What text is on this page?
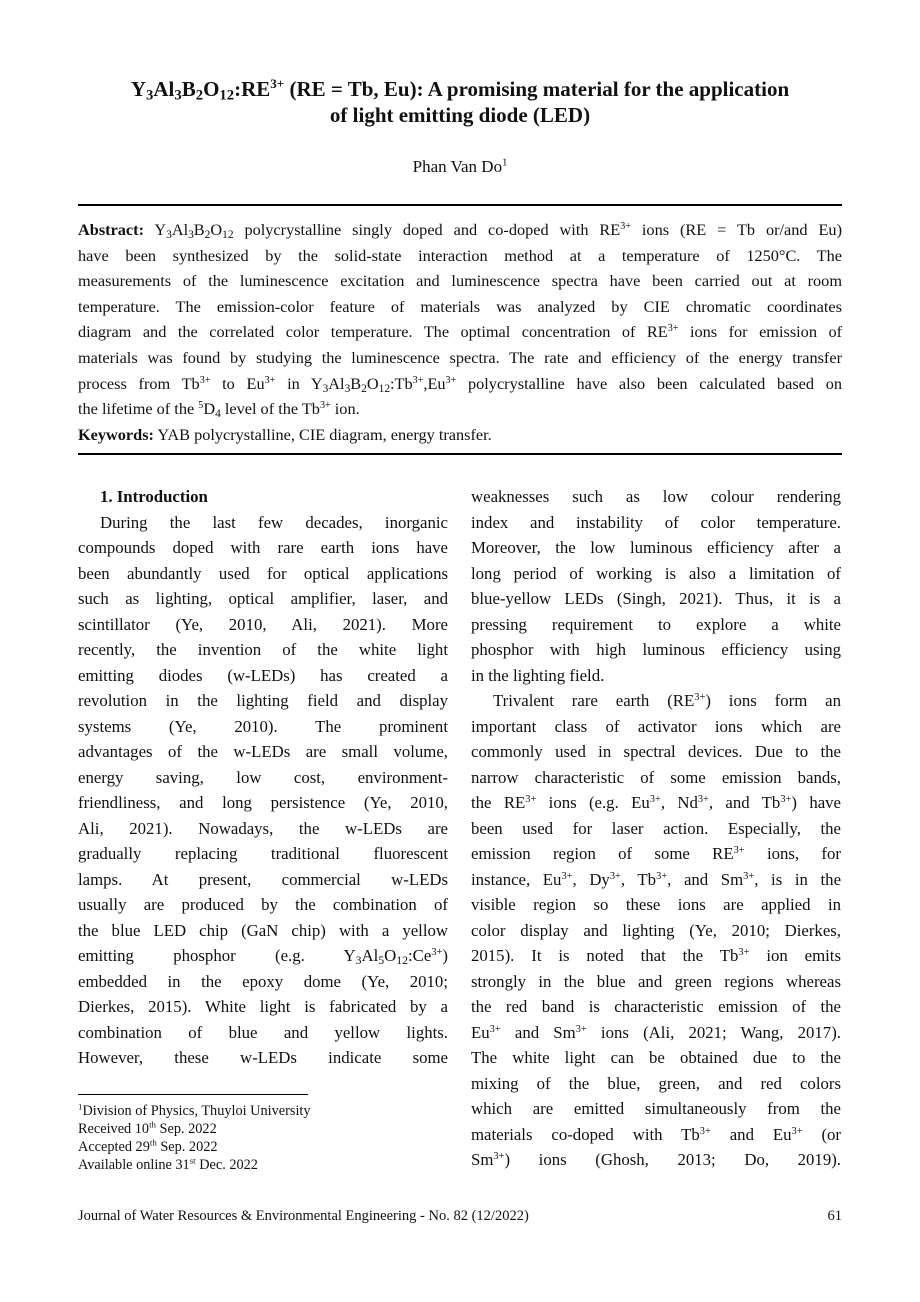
$Y_3Al_3B_2O_{12}:RE^{3+}$ (RE = Tb, Eu): A promising material for the application
of light emitting diode (LED)
Phan Van Do$^1$
Abstract: $Y_3Al_3B_2O_{12}$ polycrystalline singly doped and co-doped with $RE^{3+}$ ions (RE = Tb or/and Eu)
have been synthesized by the solid-state interaction method at a temperature of 1250°C. The
measurements of the luminescence excitation and luminescence spectra have been carried out at room
temperature. The emission-color feature of materials was analyzed by CIE chromatic coordinates
diagram and the correlated color temperature. The optimal concentration of $RE^{3+}$ ions for emission of
materials was found by studying the luminescence spectra. The rate and efficiency of the energy transfer
process from $Tb^{3+}$ to $Eu^{3+}$ in $Y_3Al_3B_2O_{12}:Tb^{3+},Eu^{3+}$ polycrystalline have also been calculated based on
the lifetime of the $^5D_4$ level of the $Tb^{3+}$ ion.
Keywords: YAB polycrystalline, CIE diagram, energy transfer.
1. Introduction
During the last few decades, inorganic
compounds doped with rare earth ions have
been abundantly used for optical applications
such as lighting, optical amplifier, laser, and
scintillator (Ye, 2010, Ali, 2021). More
recently, the invention of the white light
emitting diodes (w-LEDs) has created a
revolution in the lighting field and display
systems (Ye, 2010). The prominent
advantages of the w-LEDs are small volume,
energy saving, low cost, environment-
friendliness, and long persistence (Ye, 2010,
Ali, 2021). Nowadays, the w-LEDs are
gradually replacing traditional fluorescent
lamps. At present, commercial w-LEDs
usually are produced by the combination of
the blue LED chip (GaN chip) with a yellow
emitting phosphor (e.g. $Y_3Al_5O_{12}:Ce^{3+}$)
embedded in the epoxy dome (Ye, 2010;
Dierkes, 2015). White light is fabricated by a
combination of blue and yellow lights.
However, these w-LEDs indicate some
weaknesses such as low colour rendering
index and instability of color temperature.
Moreover, the low luminous efficiency after a
long period of working is also a limitation of
blue-yellow LEDs (Singh, 2021). Thus, it is a
pressing requirement to explore a white
phosphor with high luminous efficiency using
in the lighting field.
Trivalent rare earth $(RE^{3+})$ ions form an
important class of activator ions which are
commonly used in spectral devices. Due to the
narrow characteristic of some emission bands,
the $RE^{3+}$ ions (e.g. $Eu^{3+}$, $Nd^{3+}$, and $Tb^{3+}$) have
been used for laser action. Especially, the
emission region of some $RE^{3+}$ ions, for
instance, $Eu^{3+}$, $Dy^{3+}$, $Tb^{3+}$, and $Sm^{3+}$, is in the
visible region so these ions are applied in
color display and lighting (Ye, 2010; Dierkes,
2015). It is noted that the $Tb^{3+}$ ion emits
strongly in the blue and green regions whereas
the red band is characteristic emission of the
$Eu^{3+}$ and $Sm^{3+}$ ions (Ali, 2021; Wang, 2017).
The white light can be obtained due to the
mixing of the blue, green, and red colors
which are emitted simultaneously from the
materials co-doped with $Tb^{3+}$ and $Eu^{3+}$ (or
$Sm^{3+}$) ions (Ghosh, 2013; Do, 2019).
$^1$Division of Physics, Thuyloi University
Received 10th Sep. 2022
Accepted 29th Sep. 2022
Available online 31st Dec. 2022
Journal of Water Resources & Environmental Engineering - No. 82 (12/2022)	61
